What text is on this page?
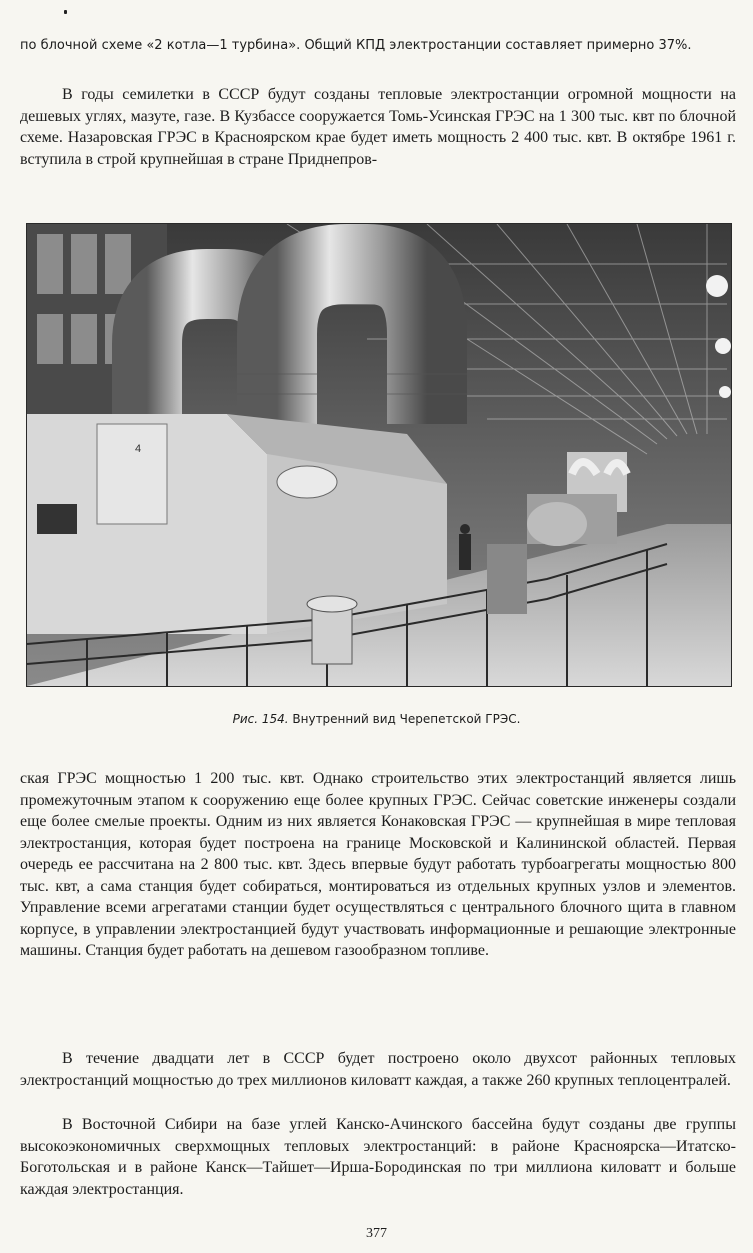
по блочной схеме «2 котла—1 турбина». Общий КПД электростанции составляет примерно 37%.

В годы семилетки в СССР будут созданы тепловые электростанции огромной мощности на дешевых углях, мазуте, газе. В Кузбассе сооружается Томь-Усинская ГРЭС на 1 300 тыс. квт по блочной схеме. Назаровская ГРЭС в Красноярском крае будет иметь мощность 2 400 тыс. квт. В октябре 1961 г. вступила в строй крупнейшая в стране Приднепров-

4
Рис. 154. Внутренний вид Черепетской ГРЭС.

ская ГРЭС мощностью 1 200 тыс. квт. Однако строительство этих электростанций является лишь промежуточным этапом к сооружению еще более крупных ГРЭС. Сейчас советские инженеры создали еще более смелые проекты. Одним из них является Конаковская ГРЭС — крупнейшая в мире тепловая электростанция, которая будет построена на границе Московской и Калининской областей. Первая очередь ее рассчитана на 2 800 тыс. квт. Здесь впервые будут работать турбоагрегаты мощностью 800 тыс. квт, а сама станция будет собираться, монтироваться из отдельных крупных узлов и элементов. Управление всеми агрегатами станции будет осуществляться с центрального блочного щита в главном корпусе, в управлении электростанцией будут участвовать информационные и решающие электронные машины. Станция будет работать на дешевом газообразном топливе.

В течение двадцати лет в СССР будет построено около двухсот районных тепловых электростанций мощностью до трех миллионов киловатт каждая, а также 260 крупных теплоцентралей.

В Восточной Сибири на базе углей Канско-Ачинского бассейна будут созданы две группы высокоэкономичных сверхмощных тепловых электростанций: в районе Красноярска—Итатско-Боготольская и в районе Канск—Тайшет—Ирша-Бородинская по три миллиона киловатт и больше каждая электростанция.

377
